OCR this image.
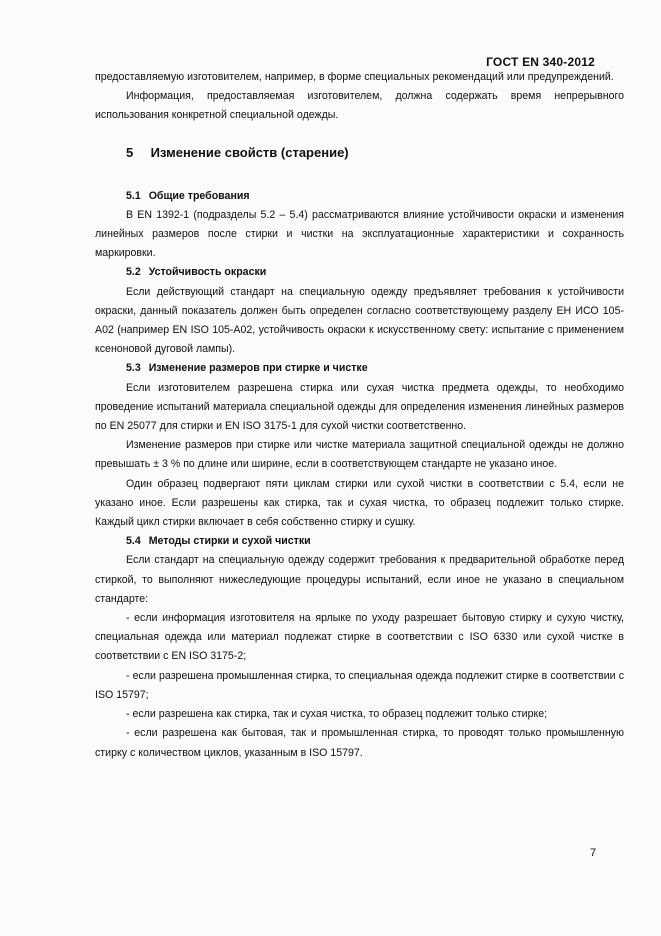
ГОСТ EN 340-2012

предоставляемую изготовителем, например, в форме специальных рекомендаций или предупреждений.

Информация, предоставляемая изготовителем, должна содержать время непрерывного использования конкретной специальной одежды.

5 Изменение свойств (старение)
5.1 Общие требования

В EN 1392-1 (подразделы 5.2 – 5.4) рассматриваются влияние устойчивости окраски и изменения линейных размеров после стирки и чистки на эксплуатационные характеристики и сохранность маркировки.

5.2 Устойчивость окраски

Если действующий стандарт на специальную одежду предъявляет требования к устойчивости окраски, данный показатель должен быть определен согласно соответствующему разделу ЕН ИСО 105-А02 (например EN ISO 105-A02, устойчивость окраски к искусственному свету: испытание с применением ксеноновой дуговой лампы).

5.3 Изменение размеров при стирке и чистке

Если изготовителем разрешена стирка или сухая чистка предмета одежды, то необходимо проведение испытаний материала специальной одежды для определения изменения линейных размеров по EN 25077 для стирки и EN ISO 3175-1 для сухой чистки соответственно.

Изменение размеров при стирке или чистке материала защитной специальной одежды не должно превышать ± 3 % по длине или ширине, если в соответствующем стандарте не указано иное.

Один образец подвергают пяти циклам стирки или сухой чистки в соответствии с 5.4, если не указано иное. Если разрешены как стирка, так и сухая чистка, то образец подлежит только стирке. Каждый цикл стирки включает в себя собственно стирку и сушку.

5.4 Методы стирки и сухой чистки

Если стандарт на специальную одежду содержит требования к предварительной обработке перед стиркой, то выполняют нижеследующие процедуры испытаний, если иное не указано в специальном стандарте:

- если информация изготовителя на ярлыке по уходу разрешает бытовую стирку и сухую чистку, специальная одежда или материал подлежат стирке в соответствии с ISO 6330 или сухой чистке в соответствии с EN ISO 3175-2;

- если разрешена промышленная стирка, то специальная одежда подлежит стирке в соответствии с ISO 15797;

- если разрешена как стирка, так и сухая чистка, то образец подлежит только стирке;

- если разрешена как бытовая, так и промышленная стирка, то проводят только промышленную стирку с количеством циклов, указанным в ISO 15797.

7
